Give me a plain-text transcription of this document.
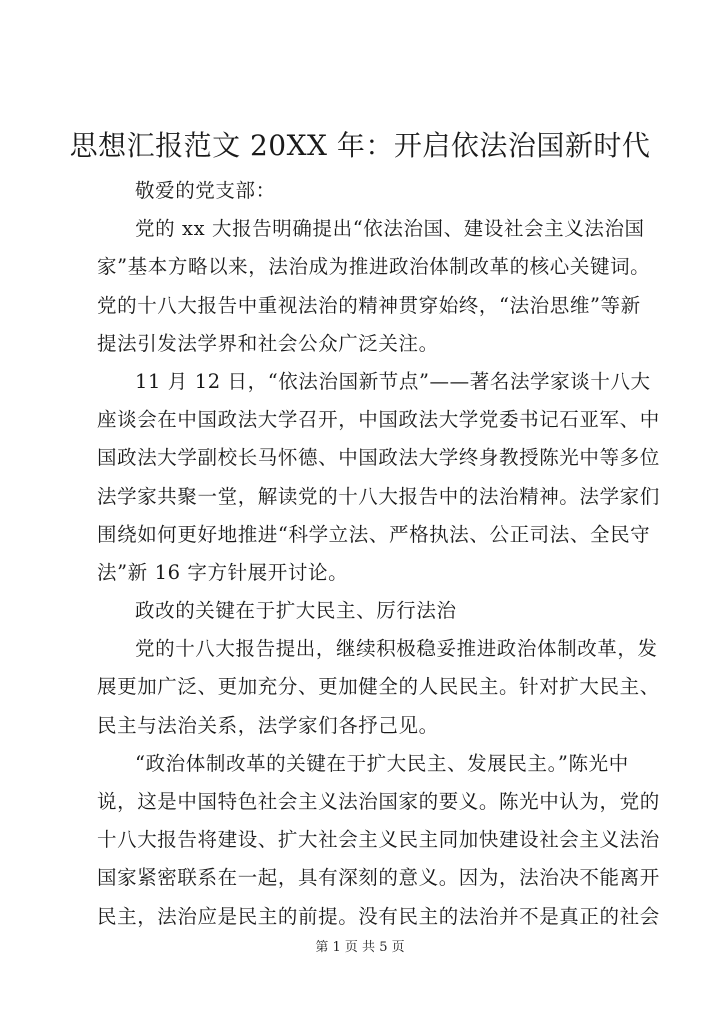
思想汇报范文 20XX 年：开启依法治国新时代
敬爱的党支部：
党的 xx 大报告明确提出“依法治国、建设社会主义法治国
家”基本方略以来，法治成为推进政治体制改革的核心关键词。
党的十八大报告中重视法治的精神贯穿始终，“法治思维”等新
提法引发法学界和社会公众广泛关注。
11 月 12 日，“依法治国新节点”——著名法学家谈十八大
座谈会在中国政法大学召开，中国政法大学党委书记石亚军、中
国政法大学副校长马怀德、中国政法大学终身教授陈光中等多位
法学家共聚一堂，解读党的十八大报告中的法治精神。法学家们
围绕如何更好地推进“科学立法、严格执法、公正司法、全民守
法”新 16 字方针展开讨论。
政改的关键在于扩大民主、厉行法治
党的十八大报告提出，继续积极稳妥推进政治体制改革，发
展更加广泛、更加充分、更加健全的人民民主。针对扩大民主、
民主与法治关系，法学家们各抒己见。
“政治体制改革的关键在于扩大民主、发展民主。”陈光中
说，这是中国特色社会主义法治国家的要义。陈光中认为，党的
十八大报告将建设、扩大社会主义民主同加快建设社会主义法治
国家紧密联系在一起，具有深刻的意义。因为，法治决不能离开
民主，法治应是民主的前提。没有民主的法治并不是真正的社会
第 1 页 共 5 页
